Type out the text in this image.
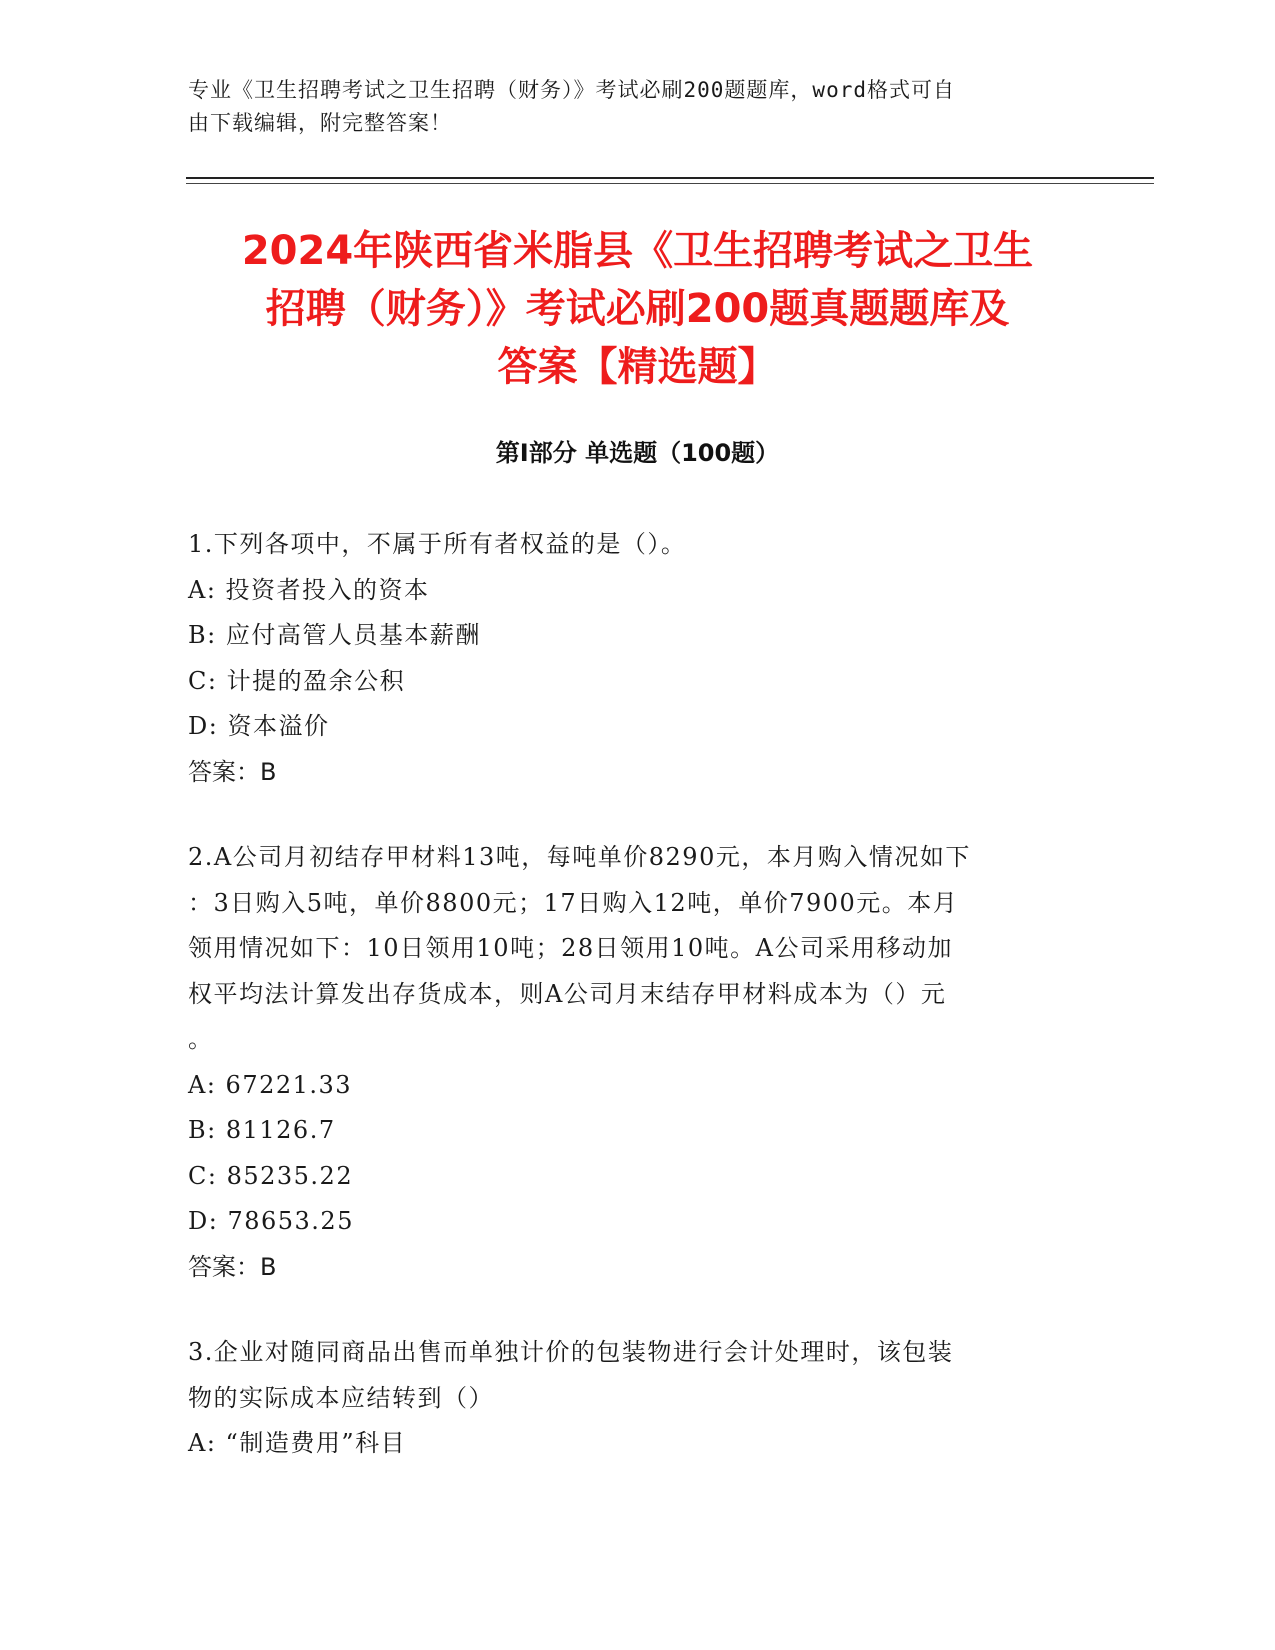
专业《卫生招聘考试之卫生招聘（财务）》考试必刷200题题库，word格式可自
由下载编辑，附完整答案！
2024年陕西省米脂县《卫生招聘考试之卫生
招聘（财务）》考试必刷200题真题题库及
答案【精选题】
第I部分 单选题（100题）

1.下列各项中，不属于所有者权益的是（）。

A: 投资者投入的资本

B: 应付高管人员基本薪酬

C: 计提的盈余公积

D: 资本溢价

答案：B

2.A公司月初结存甲材料13吨，每吨单价8290元，本月购入情况如下
：3日购入5吨，单价8800元；17日购入12吨，单价7900元。本月
领用情况如下：10日领用10吨；28日领用10吨。A公司采用移动加
权平均法计算发出存货成本，则A公司月末结存甲材料成本为（）元
。

A: 67221.33

B: 81126.7

C: 85235.22

D: 78653.25

答案：B

3.企业对随同商品出售而单独计价的包装物进行会计处理时，该包装
物的实际成本应结转到（）

A: “制造费用”科目
